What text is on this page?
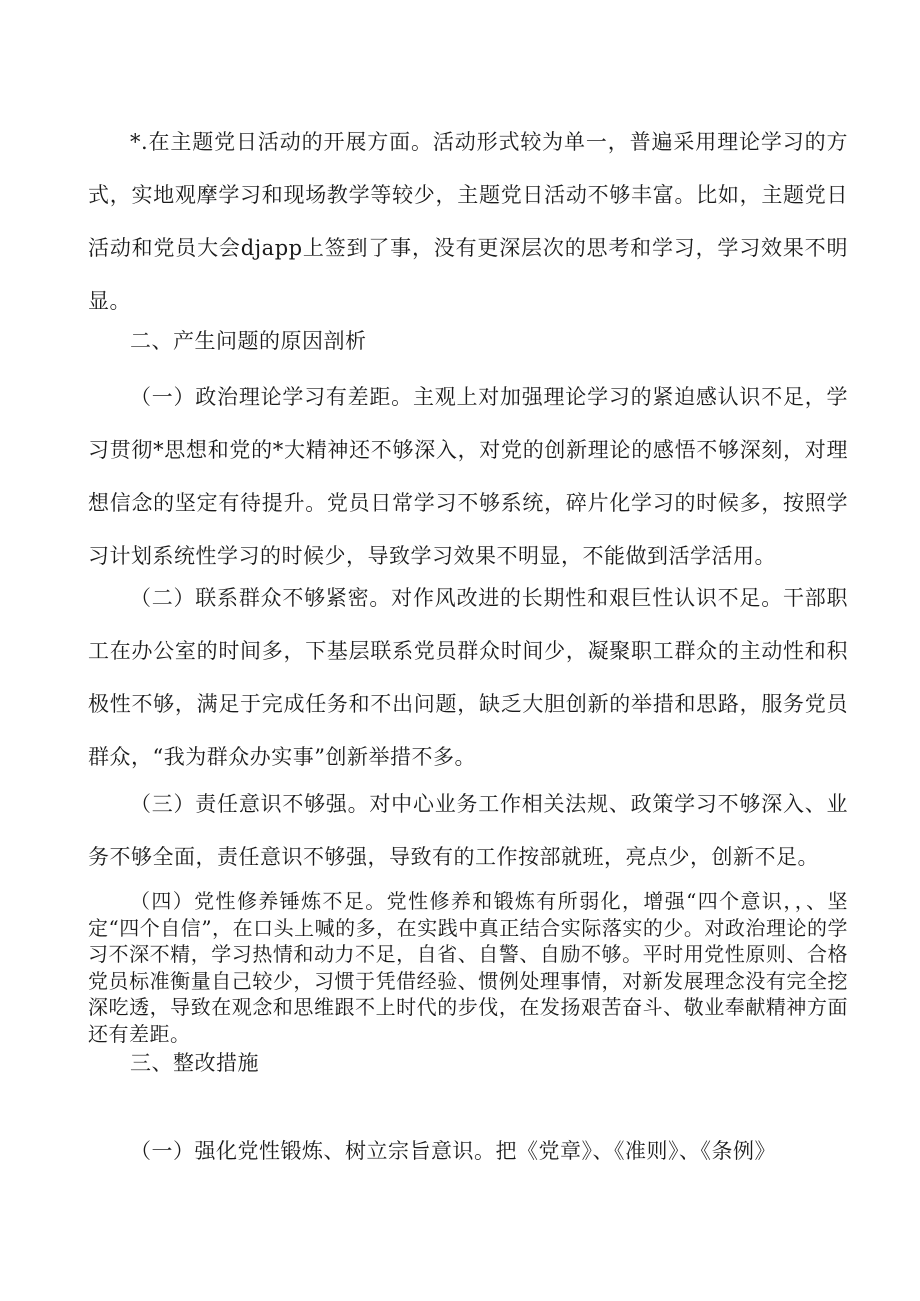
*.在主题党日活动的开展方面。活动形式较为单一，普遍采用理论学习的方式，实地观摩学习和现场教学等较少，主题党日活动不够丰富。比如，主题党日活动和党员大会djapp上签到了事，没有更深层次的思考和学习，学习效果不明显。

二、产生问题的原因剖析

（一）政治理论学习有差距。主观上对加强理论学习的紧迫感认识不足，学习贯彻*思想和党的*大精神还不够深入，对党的创新理论的感悟不够深刻，对理想信念的坚定有待提升。党员日常学习不够系统，碎片化学习的时候多，按照学习计划系统性学习的时候少，导致学习效果不明显，不能做到活学活用。

（二）联系群众不够紧密。对作风改进的长期性和艰巨性认识不足。干部职工在办公室的时间多，下基层联系党员群众时间少，凝聚职工群众的主动性和积极性不够，满足于完成任务和不出问题，缺乏大胆创新的举措和思路，服务党员群众，“我为群众办实事”创新举措不多。

（三）责任意识不够强。对中心业务工作相关法规、政策学习不够深入、业务不够全面，责任意识不够强，导致有的工作按部就班，亮点少，创新不足。

（四）党性修养锤炼不足。党性修养和锻炼有所弱化，增强“四个意识，，、坚定“四个自信”，在口头上喊的多，在实践中真正结合实际落实的少。对政治理论的学习不深不精，学习热情和动力不足，自省、自警、自励不够。平时用党性原则、合格党员标准衡量自己较少，习惯于凭借经验、惯例处理事情，对新发展理念没有完全挖深吃透，导致在观念和思维跟不上时代的步伐，在发扬艰苦奋斗、敬业奉献精神方面还有差距。

三、整改措施

（一）强化党性锻炼、树立宗旨意识。把《党章》、《准则》、《条例》
